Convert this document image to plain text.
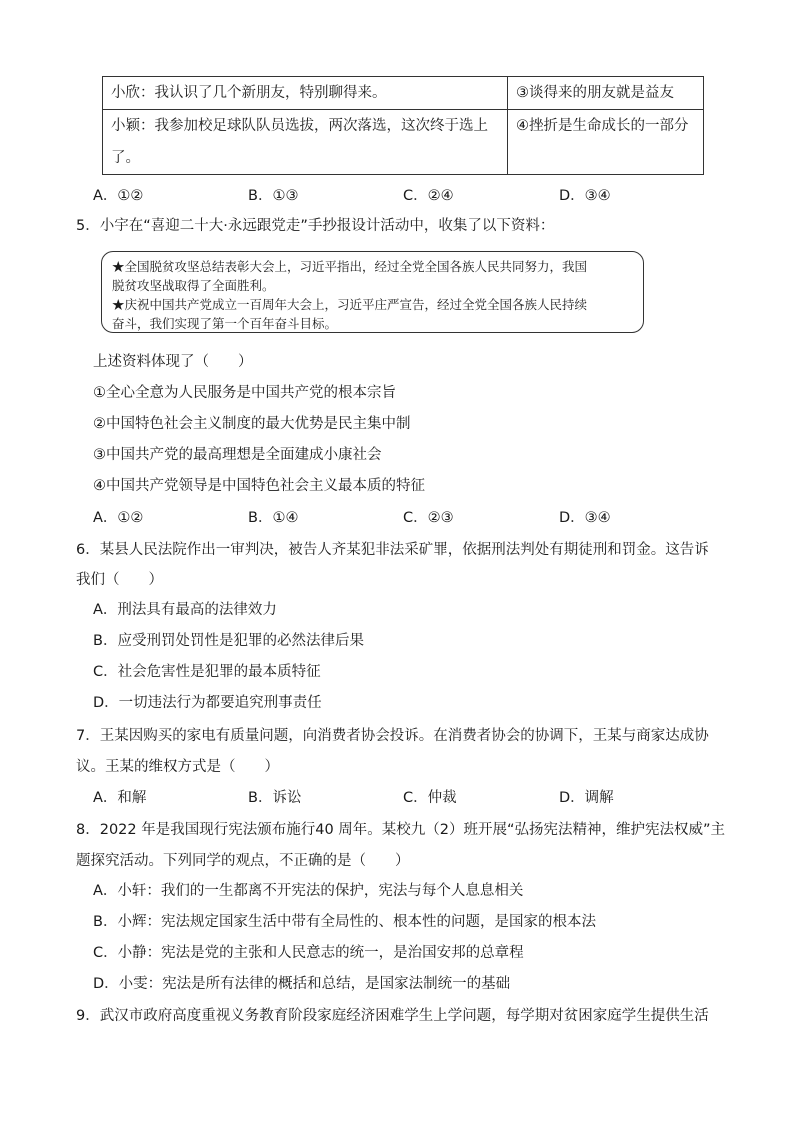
小欣：我认识了几个新朋友，特别聊得来。	③谈得来的朋友就是益友

小颖：我参加校足球队队员选拔，两次落选，这次终于选上
了。	④挫折是生命成长的一部分
A．①②	B．①③	C．②④	D．③④
5．小宇在“喜迎二十大·永远跟党走”手抄报设计活动中，收集了以下资料：
★全国脱贫攻坚总结表彰大会上，习近平指出，经过全党全国各族人民共同努力，我国
脱贫攻坚战取得了全面胜利。
★庆祝中国共产党成立一百周年大会上，习近平庄严宣告，经过全党全国各族人民持续
奋斗，我们实现了第一个百年奋斗目标。
上述资料体现了（　　）
①全心全意为人民服务是中国共产党的根本宗旨
②中国特色社会主义制度的最大优势是民主集中制
③中国共产党的最高理想是全面建成小康社会
④中国共产党领导是中国特色社会主义最本质的特征
A．①②	B．①④	C．②③	D．③④
6．某县人民法院作出一审判决，被告人齐某犯非法采矿罪，依据刑法判处有期徒刑和罚金。这告诉
我们（　　）
A．刑法具有最高的法律效力
B．应受刑罚处罚性是犯罪的必然法律后果
C．社会危害性是犯罪的最本质特征
D．一切违法行为都要追究刑事责任
7．王某因购买的家电有质量问题，向消费者协会投诉。在消费者协会的协调下，王某与商家达成协
议。王某的维权方式是（　　）
A．和解	B．诉讼	C．仲裁	D．调解
8．2022 年是我国现行宪法颁布施行40 周年。某校九（2）班开展“弘扬宪法精神，维护宪法权威”主
题探究活动。下列同学的观点，不正确的是（　　）
A．小轩：我们的一生都离不开宪法的保护，宪法与每个人息息相关
B．小辉：宪法规定国家生活中带有全局性的、根本性的问题，是国家的根本法
C．小静：宪法是党的主张和人民意志的统一，是治国安邦的总章程
D．小雯：宪法是所有法律的概括和总结，是国家法制统一的基础
9．武汉市政府高度重视义务教育阶段家庭经济困难学生上学问题，每学期对贫困家庭学生提供生活
